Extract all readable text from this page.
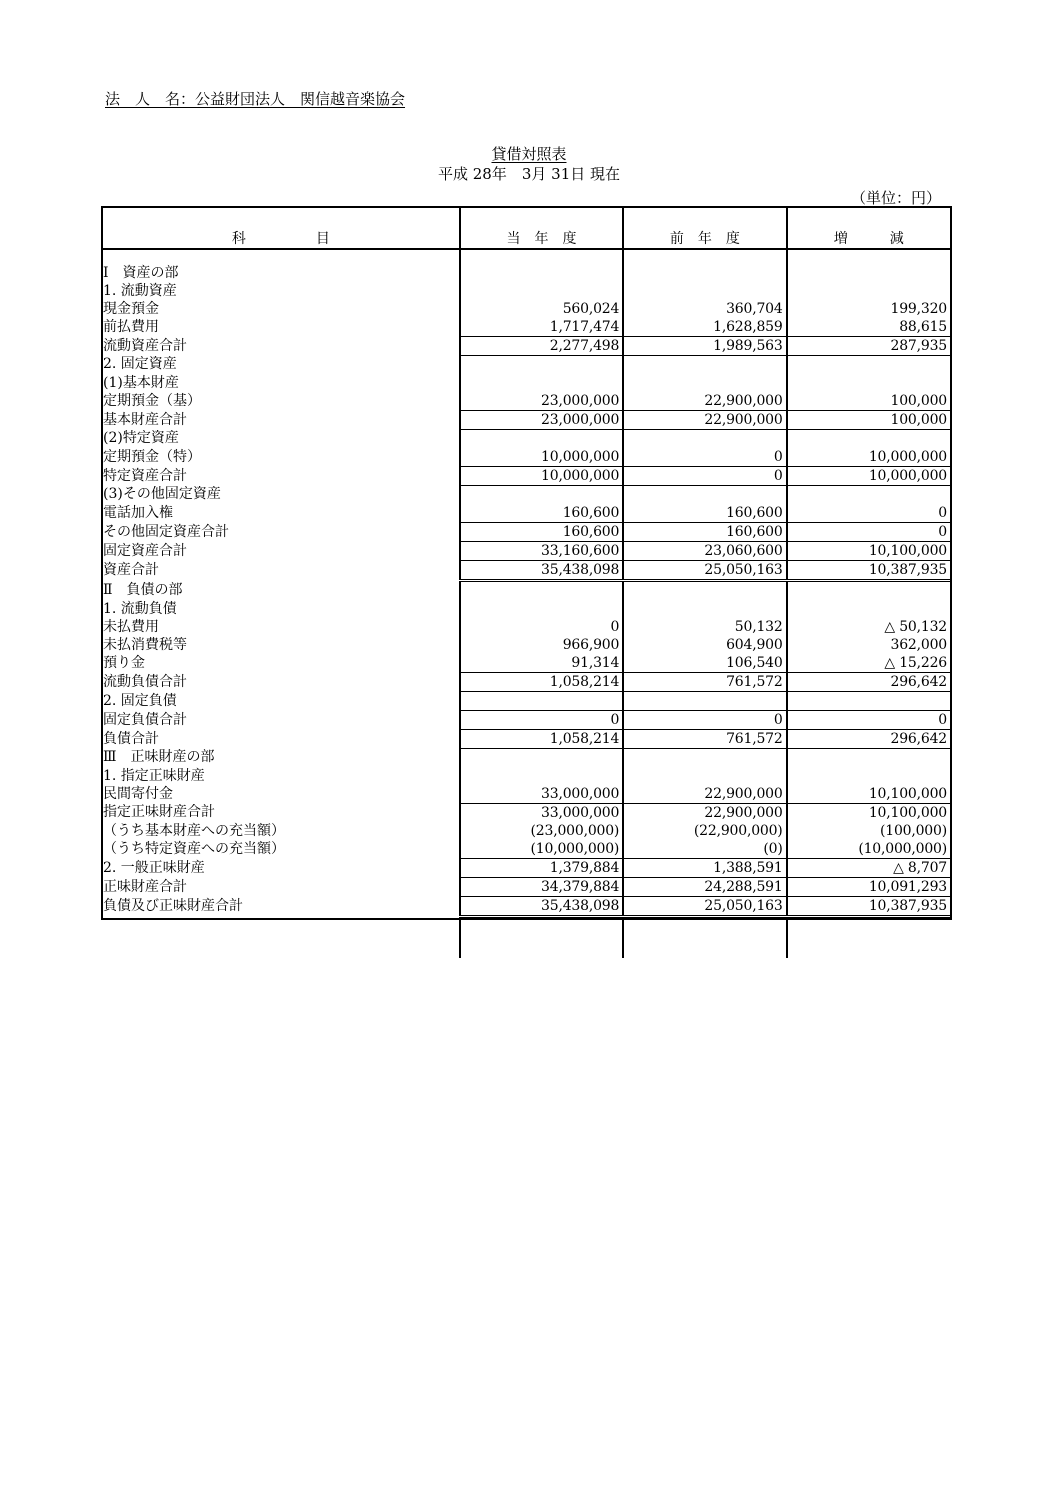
法　人　名：公益財団法人　関信越音楽協会
貸借対照表
平成 28年　3月 31日 現在
（単位：円）
科　　　　　目	当　年　度	前　年　度	増　　　減

Ⅰ　資産の部			
1. 流動資産			
現金預金	560,024	360,704	199,320
前払費用	1,717,474	1,628,859	88,615
流動資産合計	2,277,498	1,989,563	287,935
2. 固定資産			
(1)基本財産			
定期預金（基）	23,000,000	22,900,000	100,000
基本財産合計	23,000,000	22,900,000	100,000
(2)特定資産			
定期預金（特）	10,000,000	0	10,000,000
特定資産合計	10,000,000	0	10,000,000
(3)その他固定資産			
電話加入権	160,600	160,600	0
その他固定資産合計	160,600	160,600	0
固定資産合計	33,160,600	23,060,600	10,100,000
資産合計	35,438,098	25,050,163	10,387,935
Ⅱ　負債の部			
1. 流動負債			
未払費用	0	50,132	△ 50,132
未払消費税等	966,900	604,900	362,000
預り金	91,314	106,540	△ 15,226
流動負債合計	1,058,214	761,572	296,642
2. 固定負債			
固定負債合計	0	0	0
負債合計	1,058,214	761,572	296,642
Ⅲ　正味財産の部			
1. 指定正味財産			
民間寄付金	33,000,000	22,900,000	10,100,000
指定正味財産合計	33,000,000	22,900,000	10,100,000
（うち基本財産への充当額）	(23,000,000)	(22,900,000)	(100,000)
（うち特定資産への充当額）	(10,000,000)	(0)	(10,000,000)
2. 一般正味財産	1,379,884	1,388,591	△ 8,707
正味財産合計	34,379,884	24,288,591	10,091,293
負債及び正味財産合計	35,438,098	25,050,163	10,387,935
